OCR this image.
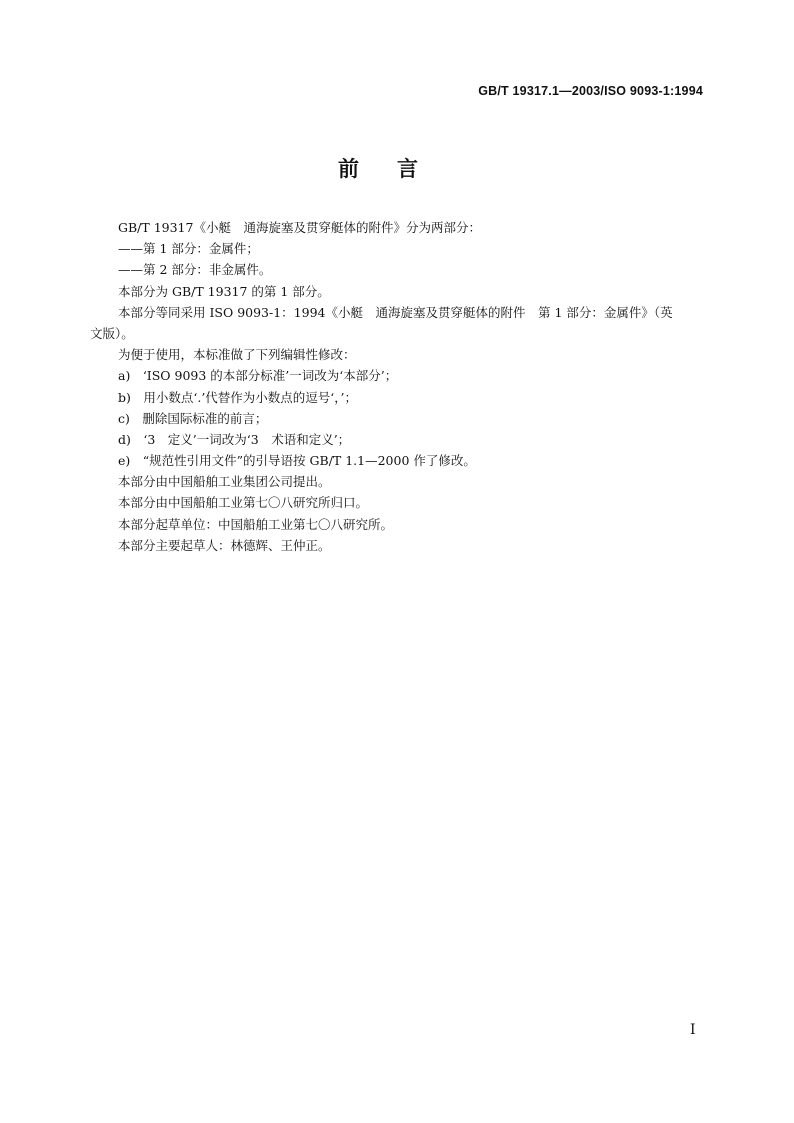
GB/T 19317.1—2003/ISO 9093-1:1994
前言
GB/T 19317《小艇　通海旋塞及贯穿艇体的附件》分为两部分：
——第 1 部分：金属件；
——第 2 部分：非金属件。
本部分为 GB/T 19317 的第 1 部分。
本部分等同采用 ISO 9093-1：1994《小艇　通海旋塞及贯穿艇体的附件　第 1 部分：金属件》（英
文版）。
为便于使用，本标准做了下列编辑性修改：
a)　‘ISO 9093 的本部分标准’一词改为‘本部分’；
b)　用小数点‘.’代替作为小数点的逗号‘，’；
c)　删除国际标准的前言；
d)　‘3　定义’一词改为‘3　术语和定义’；
e)　“规范性引用文件”的引导语按 GB/T 1.1—2000 作了修改。
本部分由中国船舶工业集团公司提出。
本部分由中国船舶工业第七〇八研究所归口。
本部分起草单位：中国船舶工业第七〇八研究所。
本部分主要起草人：林德辉、王仲正。
I
